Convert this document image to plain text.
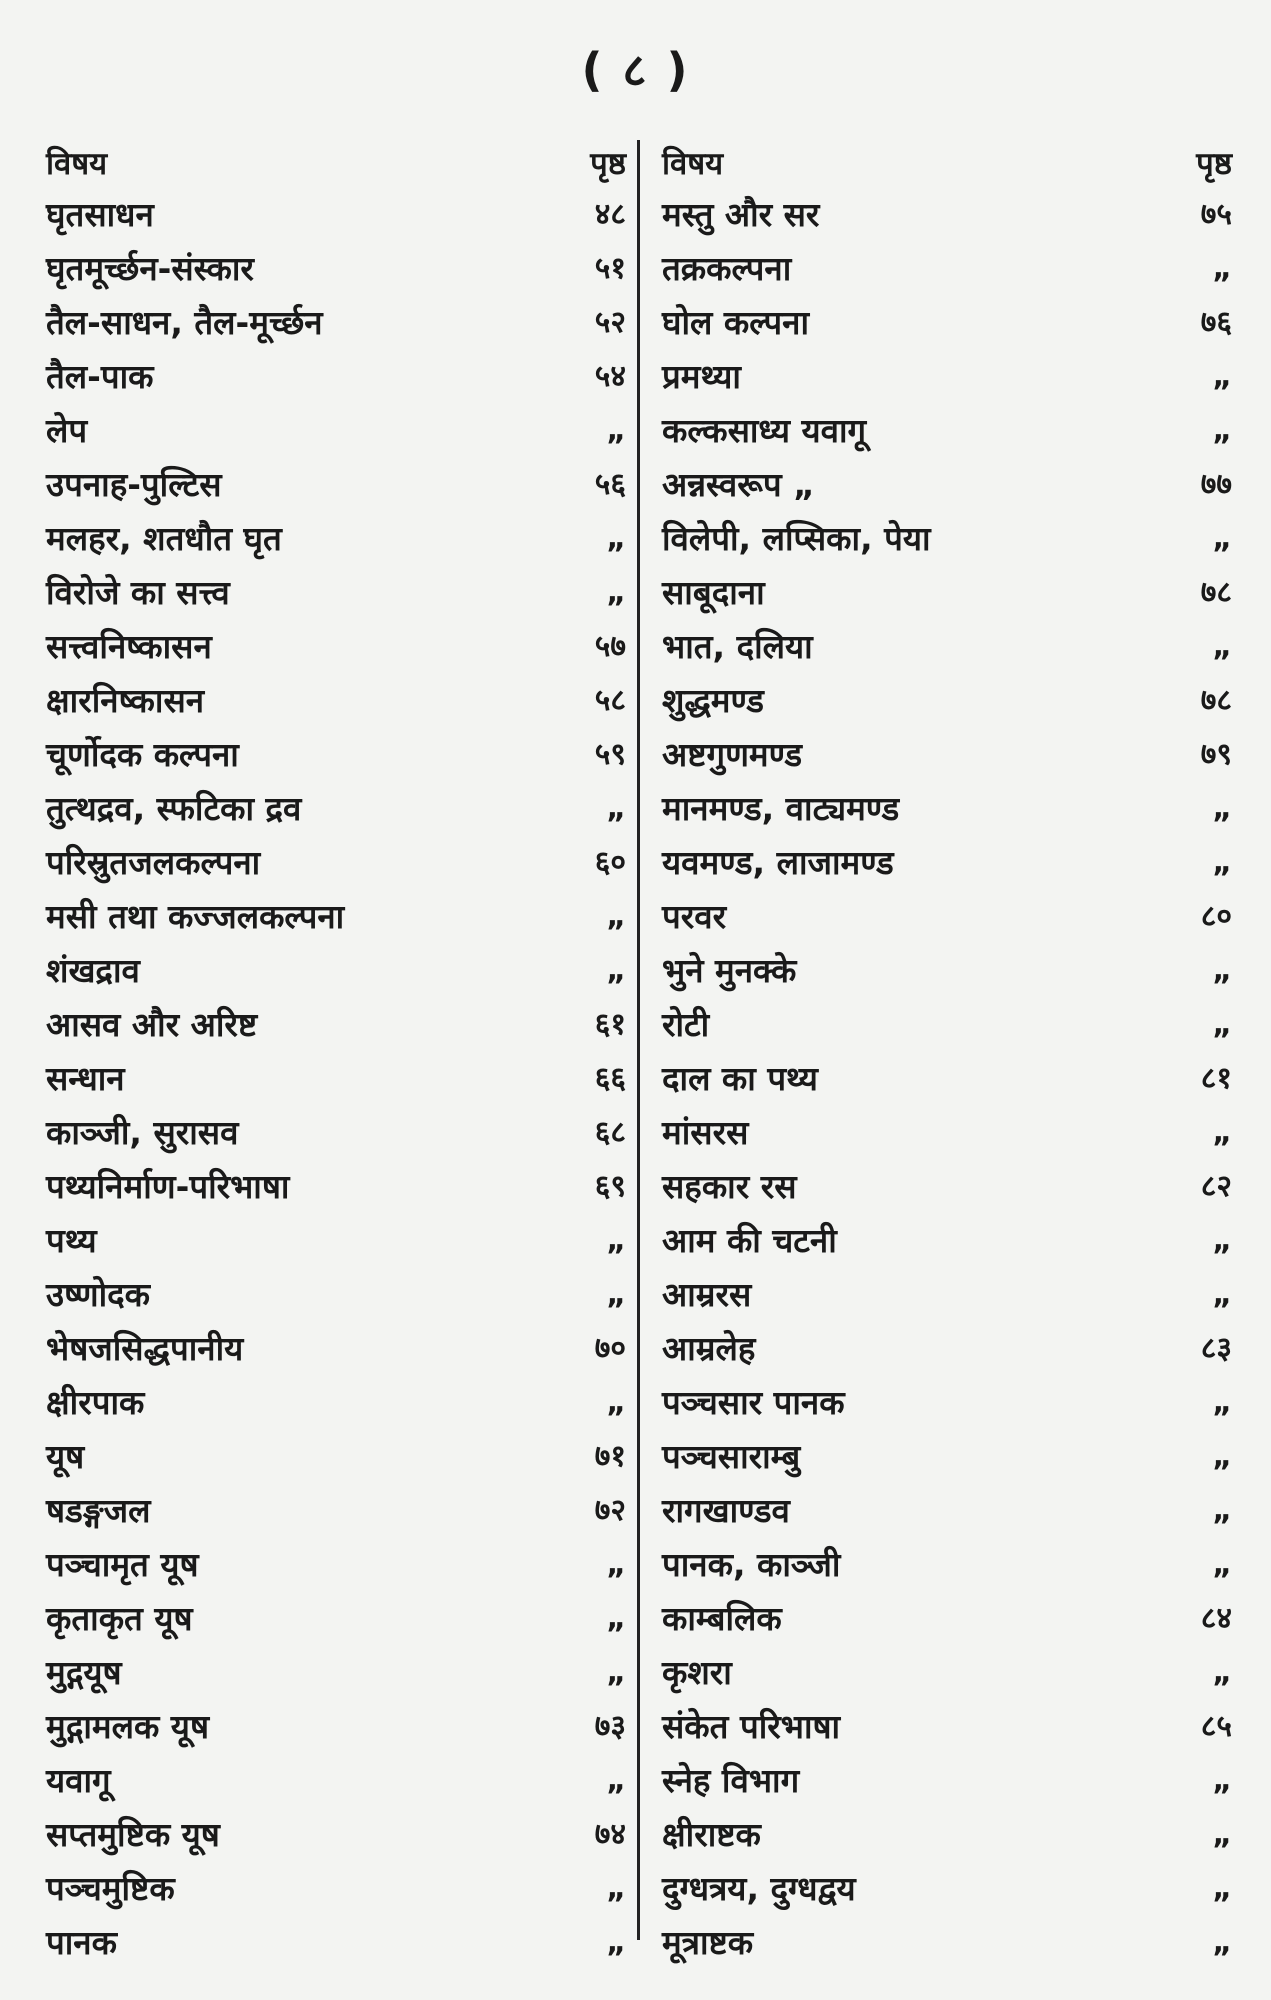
( ८ )
विषय	पृष्ठ
घृतसाधन	४८
घृतमूर्च्छन-संस्कार	५१
तैल-साधन, तैल-मूर्च्छन	५२
तैल-पाक	५४
लेप	„
उपनाह-पुल्टिस	५६
मलहर, शतधौत घृत	„
विरोजे का सत्त्व	„
सत्त्वनिष्कासन	५७
क्षारनिष्कासन	५८
चूर्णोदक कल्पना	५९
तुत्थद्रव, स्फटिका द्रव	„
परिस्रुतजलकल्पना	६०
मसी तथा कज्जलकल्पना	„
शंखद्राव	„
आसव और अरिष्ट	६१
सन्धान	६६
काञ्जी, सुरासव	६८
पथ्यनिर्माण-परिभाषा	६९
पथ्य	„
उष्णोदक	„
भेषजसिद्धपानीय	७०
क्षीरपाक	„
यूष	७१
षडङ्गजल	७२
पञ्चामृत यूष	„
कृताकृत यूष	„
मुद्गयूष	„
मुद्गामलक यूष	७३
यवागू	„
सप्तमुष्टिक यूष	७४
पञ्चमुष्टिक	„
पानक	„
विषय	पृष्ठ
मस्तु और सर	७५
तक्रकल्पना	„
घोल कल्पना	७६
प्रमथ्या	„
कल्कसाध्य यवागू	„
अन्नस्वरूप „	७७
विलेपी, लप्सिका, पेया	„
साबूदाना	७८
भात, दलिया	„
शुद्धमण्ड	७८
अष्टगुणमण्ड	७९
मानमण्ड, वाट्यमण्ड	„
यवमण्ड, लाजामण्ड	„
परवर	८०
भुने मुनक्के	„
रोटी	„
दाल का पथ्य	८१
मांसरस	„
सहकार रस	८२
आम की चटनी	„
आम्ररस	„
आम्रलेह	८३
पञ्चसार पानक	„
पञ्चसाराम्बु	„
रागखाण्डव	„
पानक, काञ्जी	„
काम्बलिक	८४
कृशरा	„
संकेत परिभाषा	८५
स्नेह विभाग	„
क्षीराष्टक	„
दुग्धत्रय, दुग्धद्वय	„
मूत्राष्टक	„
